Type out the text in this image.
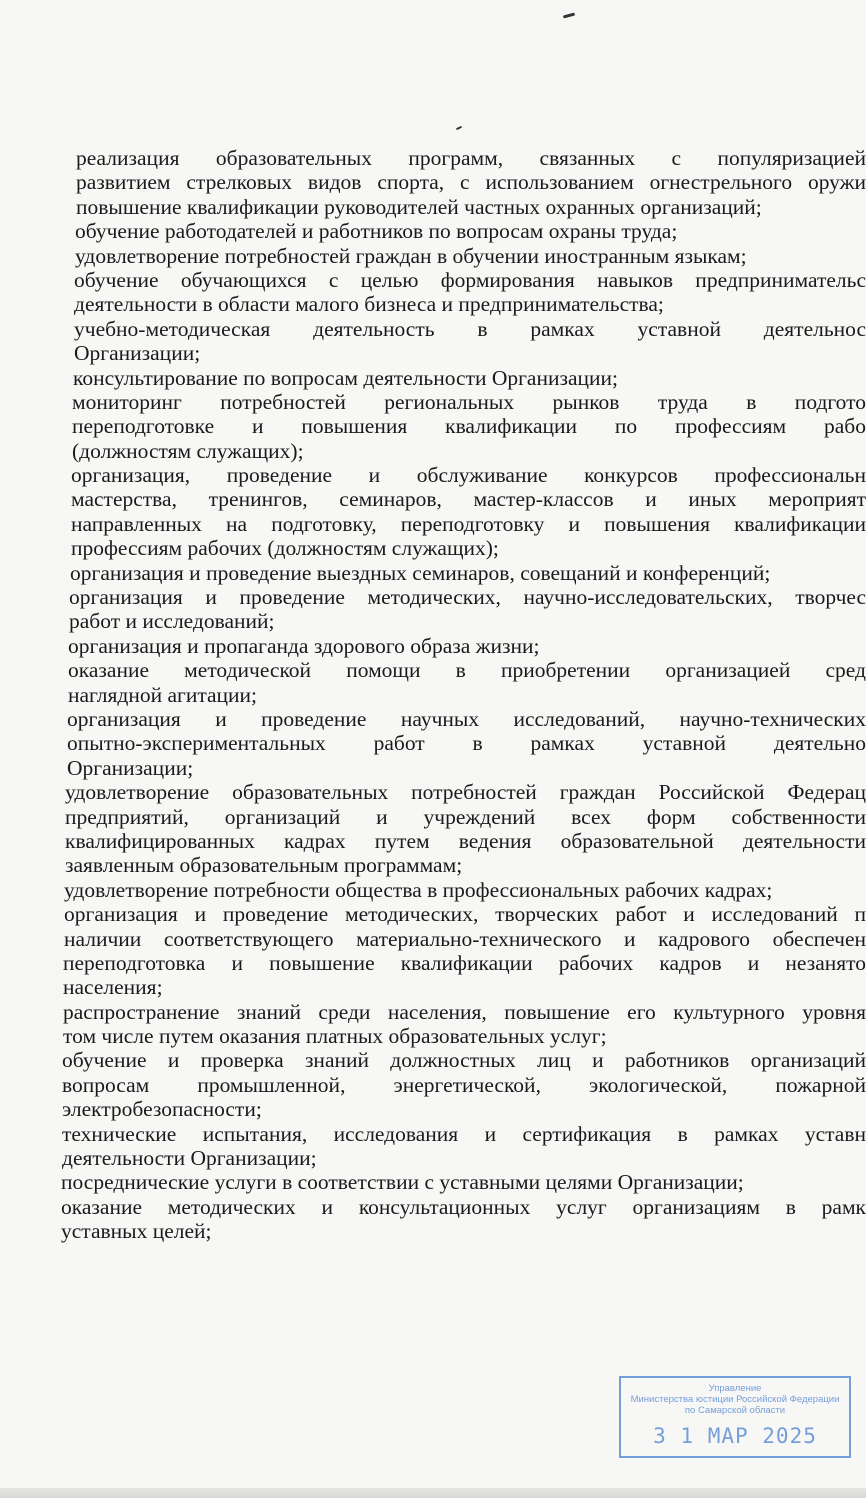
реализация образовательных программ, связанных с популяризацией
развитием стрелковых видов спорта, с использованием огнестрельного оружи
повышение квалификации руководителей частных охранных организаций;
обучение работодателей и работников по вопросам охраны труда;
удовлетворение потребностей граждан в обучении иностранным языкам;
обучение обучающихся с целью формирования навыков предпринимательс
деятельности в области малого бизнеса и предпринимательства;
учебно-методическая деятельность в рамках уставной деятельнос
Организации;
консультирование по вопросам деятельности Организации;
мониторинг потребностей региональных рынков труда в подгото
переподготовке и повышения квалификации по профессиям рабо
(должностям служащих);
организация, проведение и обслуживание конкурсов профессиональн
мастерства, тренингов, семинаров, мастер-классов и иных мероприят
направленных на подготовку, переподготовку и повышения квалификации
профессиям рабочих (должностям служащих);
организация и проведение выездных семинаров, совещаний и конференций;
организация и проведение методических, научно-исследовательских, творчес
работ и исследований;
организация и пропаганда здорового образа жизни;
оказание методической помощи в приобретении организацией сред
наглядной агитации;
организация и проведение научных исследований, научно-технических
опытно-экспериментальных работ в рамках уставной деятельно
Организации;
удовлетворение образовательных потребностей граждан Российской Федерац
предприятий, организаций и учреждений всех форм собственности
квалифицированных кадрах путем ведения образовательной деятельности
заявленным образовательным программам;
удовлетворение потребности общества в профессиональных рабочих кадрах;
организация и проведение методических, творческих работ и исследований п
наличии соответствующего материально-технического и кадрового обеспечен
переподготовка и повышение квалификации рабочих кадров и незанято
населения;
распространение знаний среди населения, повышение его культурного уровня
том числе путем оказания платных образовательных услуг;
обучение и проверка знаний должностных лиц и работников организаций
вопросам промышленной, энергетической, экологической, пожарной
электробезопасности;
технические испытания, исследования и сертификация в рамках уставн
деятельности Организации;
посреднические услуги в соответствии с уставными целями Организации;
оказание методических и консультационных услуг организациям в рамк
уставных целей;
Управление
Министерства юстиции Российской Федерации
по Самарской области
3 1 МАР 2025
